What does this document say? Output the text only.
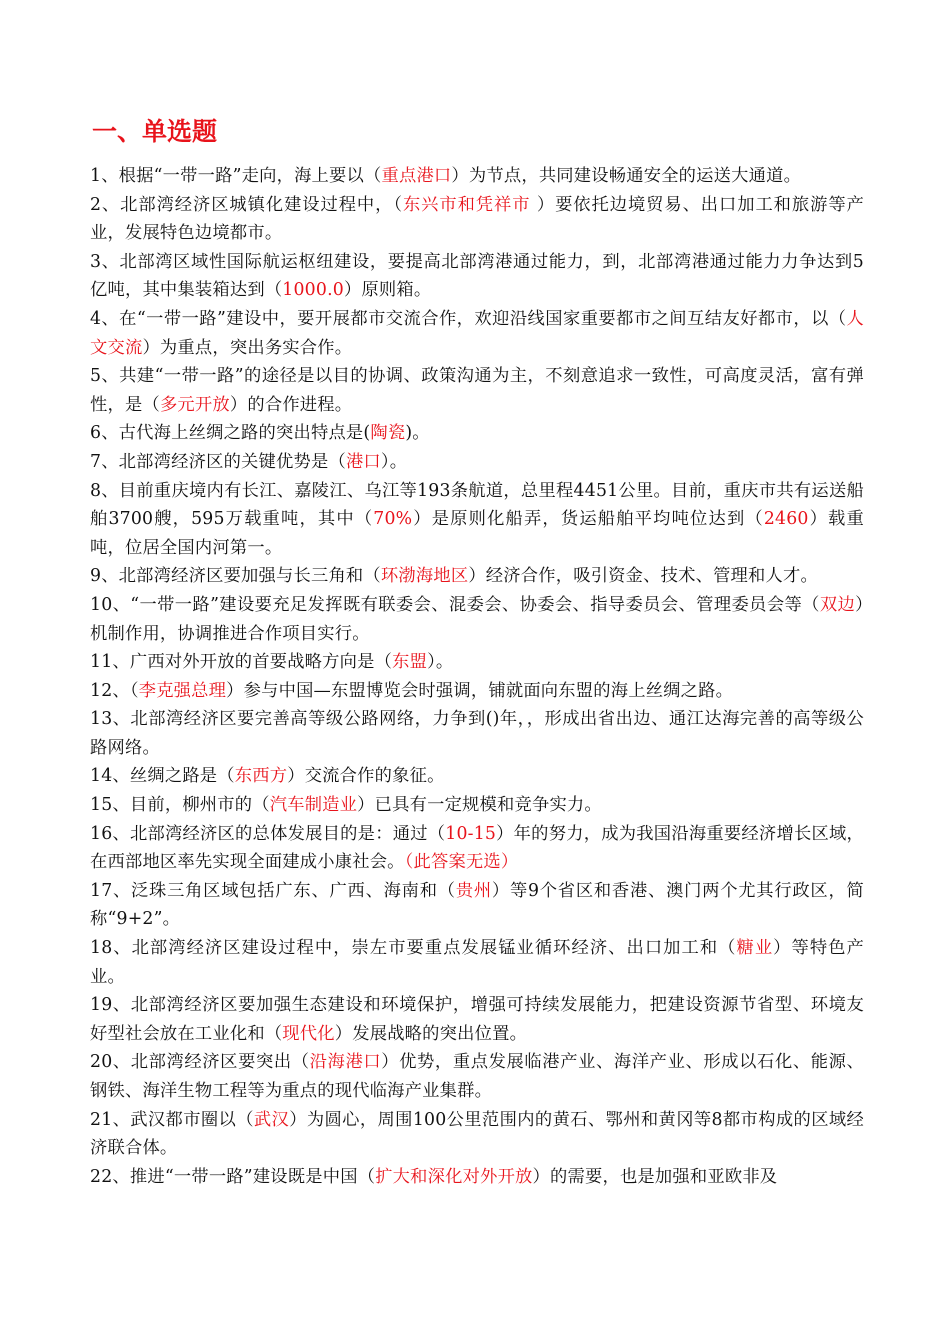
一、单选题

1、根据“一带一路”走向，海上要以（重点港口）为节点，共同建设畅通安全的运送大通道。

2、北部湾经济区城镇化建设过程中，（东兴市和凭祥市 ）要依托边境贸易、出口加工和旅游等产业，发展特色边境都市。

3、北部湾区域性国际航运枢纽建设，要提高北部湾港通过能力，到，北部湾港通过能力力争达到5亿吨，其中集装箱达到（1000.0）原则箱。

4、在“一带一路”建设中，要开展都市交流合作，欢迎沿线国家重要都市之间互结友好都市，以（人文交流）为重点，突出务实合作。

5、共建“一带一路”的途径是以目的协调、政策沟通为主，不刻意追求一致性，可高度灵活，富有弹性，是（多元开放）的合作进程。

6、古代海上丝绸之路的突出特点是(陶瓷)。

7、北部湾经济区的关键优势是（港口）。

8、目前重庆境内有长江、嘉陵江、乌江等193条航道，总里程4451公里。目前，重庆市共有运送船舶3700艘，595万载重吨，其中（70%）是原则化船弄，货运船舶平均吨位达到（2460）载重吨，位居全国内河第一。

9、北部湾经济区要加强与长三角和（环渤海地区）经济合作，吸引资金、技术、管理和人才。

10、“一带一路”建设要充足发挥既有联委会、混委会、协委会、指导委员会、管理委员会等（双边）机制作用，协调推进合作项目实行。

11、广西对外开放的首要战略方向是（东盟）。

12、（李克强总理）参与中国—东盟博览会时强调，铺就面向东盟的海上丝绸之路。

13、北部湾经济区要完善高等级公路网络，力争到()年，，形成出省出边、通江达海完善的高等级公路网络。

14、丝绸之路是（东西方）交流合作的象征。

15、目前，柳州市的（汽车制造业）已具有一定规模和竞争实力。

16、北部湾经济区的总体发展目的是：通过（10-15）年的努力，成为我国沿海重要经济增长区域，在西部地区率先实现全面建成小康社会。（此答案无选）

17、泛珠三角区域包括广东、广西、海南和（贵州）等9个省区和香港、澳门两个尤其行政区，简称“9+2”。

18、北部湾经济区建设过程中，崇左市要重点发展锰业循环经济、出口加工和（糖业）等特色产业。

19、北部湾经济区要加强生态建设和环境保护，增强可持续发展能力，把建设资源节省型、环境友好型社会放在工业化和（现代化）发展战略的突出位置。

20、北部湾经济区要突出（沿海港口）优势，重点发展临港产业、海洋产业、形成以石化、能源、钢铁、海洋生物工程等为重点的现代临海产业集群。

21、武汉都市圈以（武汉）为圆心，周围100公里范围内的黄石、鄂州和黄冈等8都市构成的区域经济联合体。

22、推进“一带一路”建设既是中国（扩大和深化对外开放）的需要，也是加强和亚欧非及
